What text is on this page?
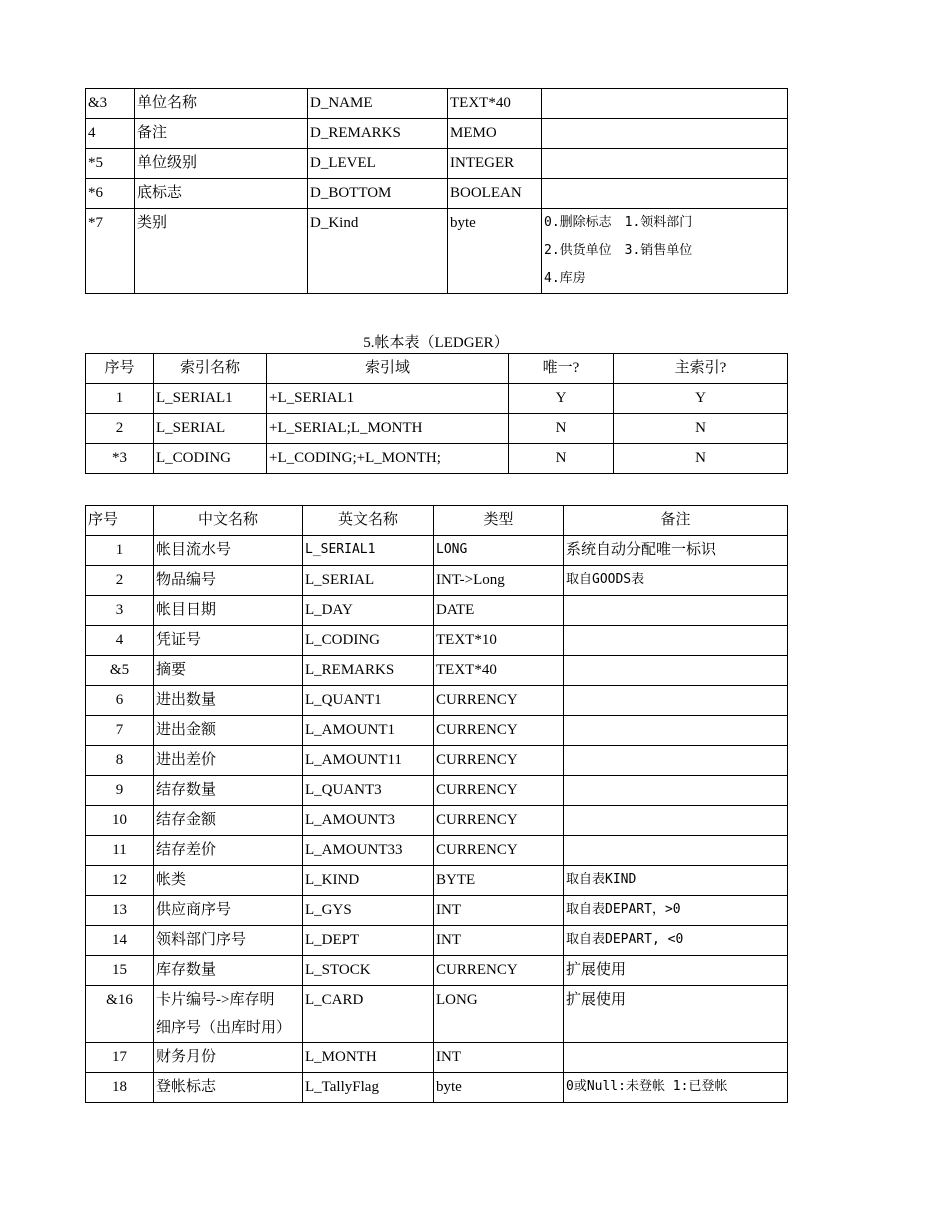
&3	单位名称	D_NAME	TEXT*40	
4	备注	D_REMARKS	MEMO	
*5	单位级别	D_LEVEL	INTEGER	
*6	底标志	D_BOTTOM	BOOLEAN	
*7	类别	D_Kind	byte	0.删除标志　1.领料部门
2.供货单位　3.销售单位
4.库房
5.帐本表（LEDGER）
序号	索引名称	索引域	唯一?	主索引?
1	L_SERIAL1	+L_SERIAL1	Y	Y
2	L_SERIAL	+L_SERIAL;L_MONTH	N	N
*3	L_CODING	+L_CODING;+L_MONTH;	N	N
序号	中文名称	英文名称	类型	备注
1	帐目流水号	L_SERIAL1	LONG	系统自动分配唯一标识
2	物品编号	L_SERIAL	INT->Long	取自GOODS表
3	帐目日期	L_DAY	DATE	
4	凭证号	L_CODING	TEXT*10	
&5	摘要	L_REMARKS	TEXT*40	
6	进出数量	L_QUANT1	CURRENCY	
7	进出金额	L_AMOUNT1	CURRENCY	
8	进出差价	L_AMOUNT11	CURRENCY	
9	结存数量	L_QUANT3	CURRENCY	
10	结存金额	L_AMOUNT3	CURRENCY	
11	结存差价	L_AMOUNT33	CURRENCY	
12	帐类	L_KIND	BYTE	取自表KIND
13	供应商序号	L_GYS	INT	取自表DEPART，>0
14	领料部门序号	L_DEPT	INT	取自表DEPART, <0
15	库存数量	L_STOCK	CURRENCY	扩展使用
&16	卡片编号->库存明
细序号（出库时用）	L_CARD	LONG	扩展使用
17	财务月份	L_MONTH	INT	
18	登帐标志	L_TallyFlag	byte	0或Null:未登帐 1:已登帐
